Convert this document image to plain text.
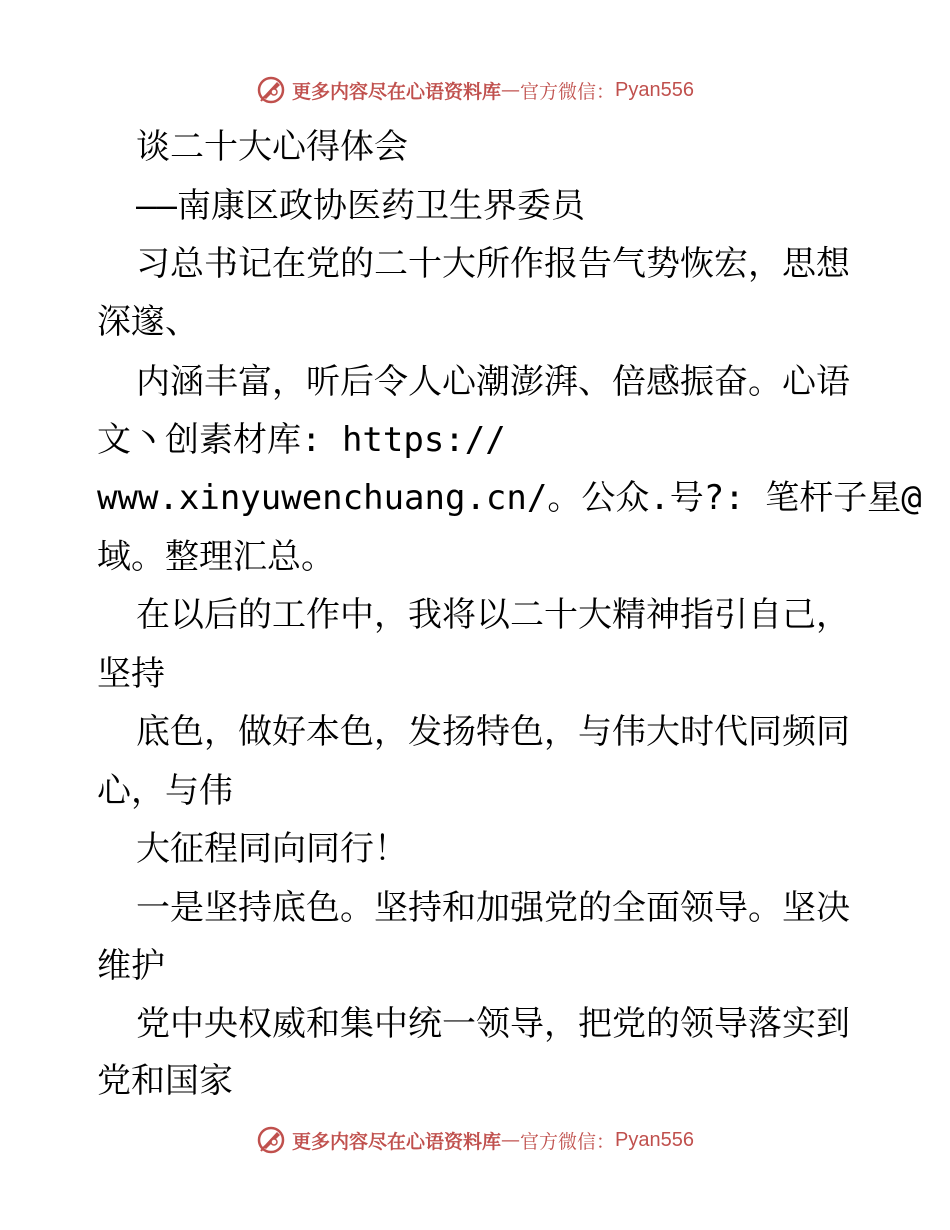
更多内容尽在心语资料库 — 官方微信： Pyan556
谈二十大心得体会
——南康区政协医药卫生界委员
习总书记在党的二十大所作报告气势恢宏，思想
深邃、
内涵丰富，听后令人心潮澎湃、倍感振奋。心语
文丶创素材库: https://
www.xinyuwenchuang.cn/。公众.号?: 笔杆子星@
域。整理汇总。
在以后的工作中，我将以二十大精神指引自己，
坚持
底色，做好本色，发扬特色，与伟大时代同频同
心，与伟
大征程同向同行！
一是坚持底色。坚持和加强党的全面领导。坚决
维护
党中央权威和集中统一领导，把党的领导落实到
党和国家
更多内容尽在心语资料库 — 官方微信： Pyan556
